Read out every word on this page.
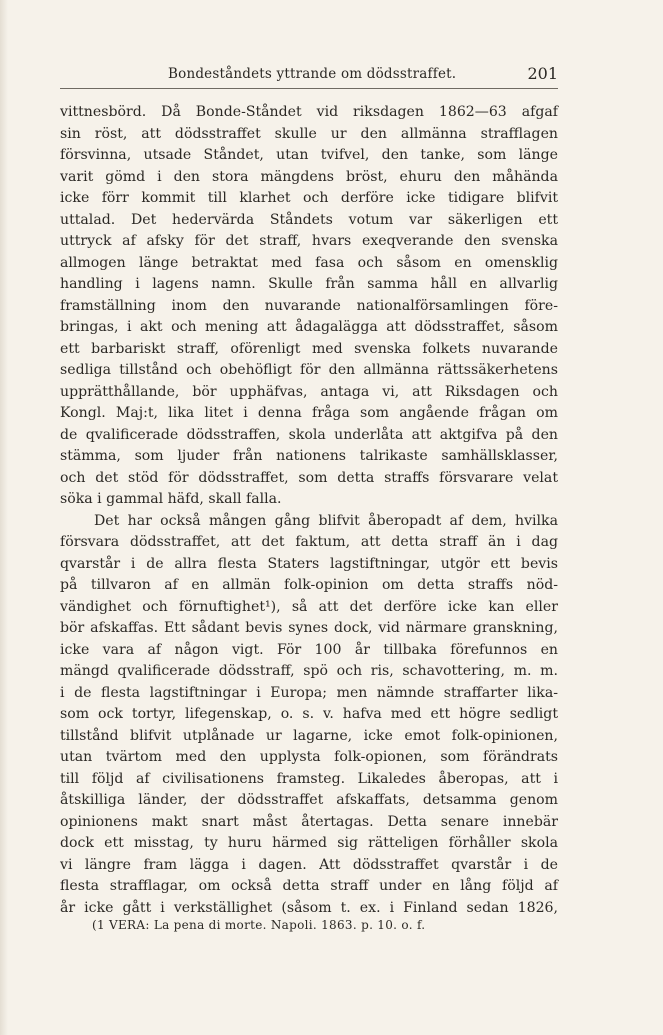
Bondeståndets yttrande om dödsstraffet.	201
vittnesbörd. Då Bonde-Ståndet vid riksdagen 1862—63 afgaf
sin röst, att dödsstraffet skulle ur den allmänna strafflagen
försvinna, utsade Ståndet, utan tvifvel, den tanke, som länge
varit gömd i den stora mängdens bröst, ehuru den måhända
icke förr kommit till klarhet och derföre icke tidigare blifvit
uttalad. Det hedervärda Ståndets votum var säkerligen ett
uttryck af afsky för det straff, hvars exeqverande den svenska
allmogen länge betraktat med fasa och såsom en omensklig
handling i lagens namn. Skulle från samma håll en allvarlig
framställning inom den nuvarande nationalförsamlingen före-
bringas, i akt och mening att ådagalägga att dödsstraffet, såsom
ett barbariskt straff, oförenligt med svenska folkets nuvarande
sedliga tillstånd och obehöfligt för den allmänna rättssäkerhetens
upprätthållande, bör upphäfvas, antaga vi, att Riksdagen och
Kongl. Maj:t, lika litet i denna fråga som angående frågan om
de qvalificerade dödsstraffen, skola underlåta att aktgifva på den
stämma, som ljuder från nationens talrikaste samhällsklasser,
och det stöd för dödsstraffet, som detta straffs försvarare velat
söka i gammal häfd, skall falla.
Det har också mången gång blifvit åberopadt af dem, hvilka
försvara dödsstraffet, att det faktum, att detta straff än i dag
qvarstår i de allra flesta Staters lagstiftningar, utgör ett bevis
på tillvaron af en allmän folk-opinion om detta straffs nöd-
vändighet och förnuftighet¹), så att det derföre icke kan eller
bör afskaffas. Ett sådant bevis synes dock, vid närmare granskning,
icke vara af någon vigt. För 100 år tillbaka förefunnos en
mängd qvalificerade dödsstraff, spö och ris, schavottering, m. m.
i de flesta lagstiftningar i Europa; men nämnde straffarter lika-
som ock tortyr, lifegenskap, o. s. v. hafva med ett högre sedligt
tillstånd blifvit utplånade ur lagarne, icke emot folk-opinionen,
utan tvärtom med den upplysta folk-opionen, som förändrats
till följd af civilisationens framsteg. Likaledes åberopas, att i
åtskilliga länder, der dödsstraffet afskaffats, detsamma genom
opinionens makt snart måst återtagas. Detta senare innebär
dock ett misstag, ty huru härmed sig rätteligen förhåller skola
vi längre fram lägga i dagen. Att dödsstraffet qvarstår i de
flesta strafflagar, om också detta straff under en lång följd af
år icke gått i verkställighet (såsom t. ex. i Finland sedan 1826,
(1 VERA: La pena di morte. Napoli. 1863. p. 10. o. f.
